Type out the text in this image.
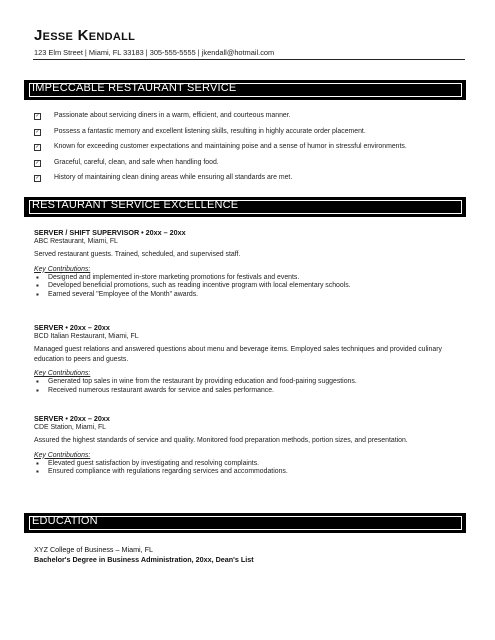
Jesse Kendall
123 Elm Street | Miami, FL 33183 | 305-555-5555 | jkendall@hotmail.com
IMPECCABLE RESTAURANT SERVICE
✓ Passionate about servicing diners in a warm, efficient, and courteous manner.
✓ Possess a fantastic memory and excellent listening skills, resulting in highly accurate order placement.
✓ Known for exceeding customer expectations and maintaining poise and a sense of humor in stressful environments.
✓ Graceful, careful, clean, and safe when handling food.
✓ History of maintaining clean dining areas while ensuring all standards are met.
RESTAURANT SERVICE EXCELLENCE
SERVER / SHIFT SUPERVISOR • 20xx – 20xx
ABC Restaurant, Miami, FL
Served restaurant guests. Trained, scheduled, and supervised staff.
Key Contributions:
▪ Designed and implemented in-store marketing promotions for festivals and events.
▪ Developed beneficial promotions, such as reading incentive program with local elementary schools.
▪ Earned several "Employee of the Month" awards.
SERVER • 20xx – 20xx
BCD Italian Restaurant, Miami, FL
Managed guest relations and answered questions about menu and beverage items. Employed sales techniques and provided culinary education to peers and guests.
Key Contributions:
▪ Generated top sales in wine from the restaurant by providing education and food-pairing suggestions.
▪ Received numerous restaurant awards for service and sales performance.
SERVER • 20xx – 20xx
CDE Station, Miami, FL
Assured the highest standards of service and quality. Monitored food preparation methods, portion sizes, and presentation.
Key Contributions:
▪ Elevated guest satisfaction by investigating and resolving complaints.
▪ Ensured compliance with regulations regarding services and accommodations.
EDUCATION
XYZ College of Business – Miami, FL
Bachelor's Degree in Business Administration, 20xx, Dean's List
